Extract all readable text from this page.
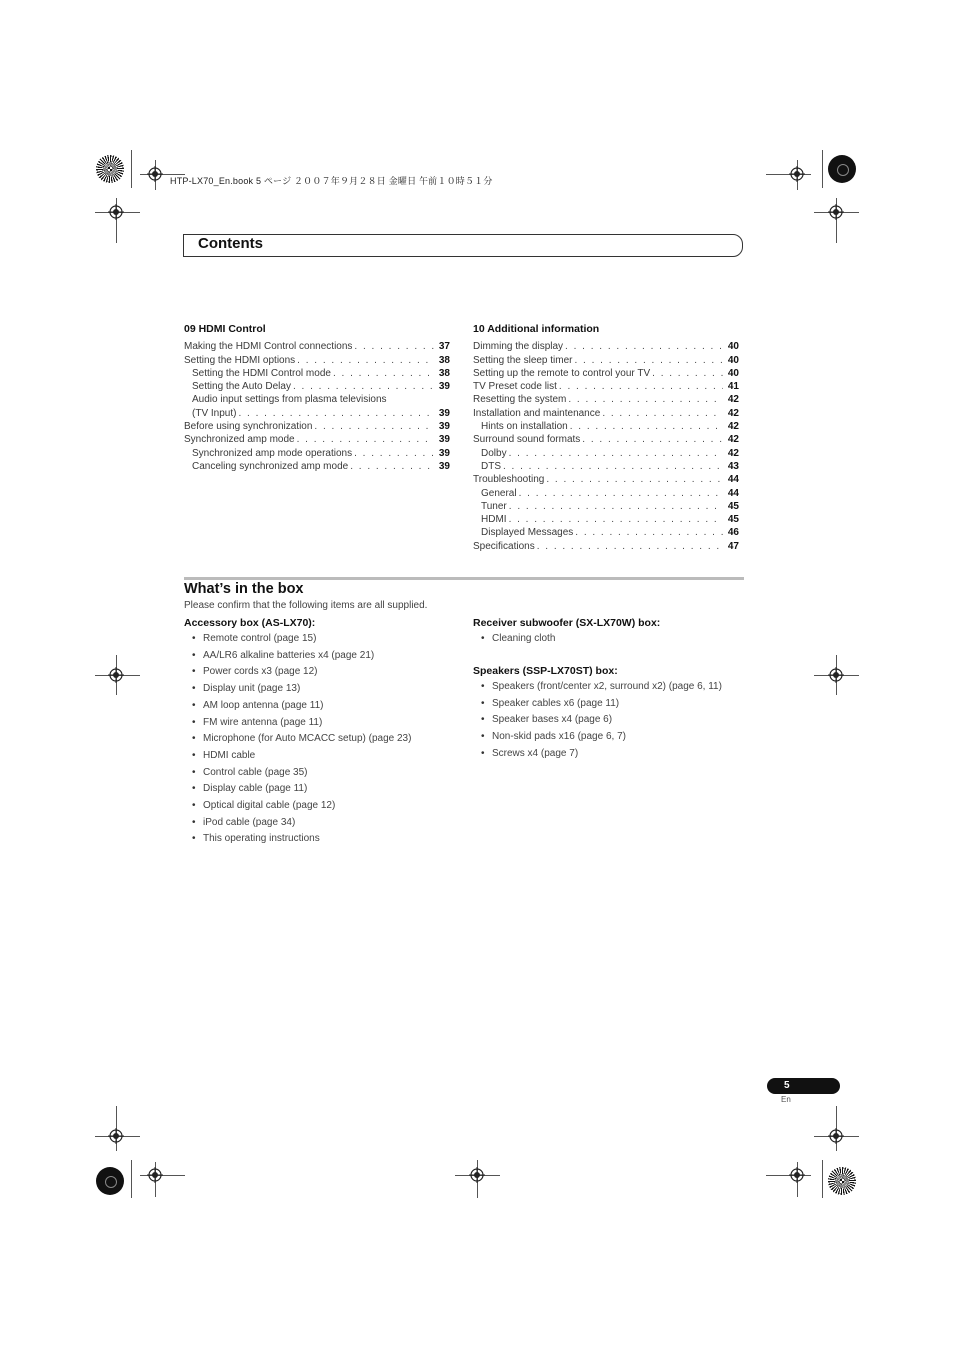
HTP-LX70_En.book 5 ページ ２００７年９月２８日 金曜日 午前１０時５１分
Contents
09 HDMI Control
Making the HDMI Control connections . . .	37
Setting the HDMI options . . .	38
Setting the HDMI Control mode . . .	38
Setting the Auto Delay . . .	39
Audio input settings from plasma televisions
(TV Input) . . .	39
Before using synchronization . . .	39
Synchronized amp mode . . .	39
Synchronized amp mode operations . . .	39
Canceling synchronized amp mode . . .	39
10 Additional information
Dimming the display . . .	40
Setting the sleep timer . . .	40
Setting up the remote to control your TV . . .	40
TV Preset code list . . .	41
Resetting the system . . .	42
Installation and maintenance . . .	42
Hints on installation . . .	42
Surround sound formats . . .	42
Dolby . . .	42
DTS . . .	43
Troubleshooting . . .	44
General . . .	44
Tuner . . .	45
HDMI . . .	45
Displayed Messages . . .	46
Specifications . . .	47
What’s in the box
Please confirm that the following items are all supplied.
Accessory box (AS-LX70):
• Remote control (page 15)
• AA/LR6 alkaline batteries x4 (page 21)
• Power cords x3 (page 12)
• Display unit (page 13)
• AM loop antenna (page 11)
• FM wire antenna (page 11)
• Microphone (for Auto MCACC setup) (page 23)
• HDMI cable
• Control cable (page 35)
• Display cable (page 11)
• Optical digital cable (page 12)
• iPod cable (page 34)
• This operating instructions
Receiver subwoofer (SX-LX70W) box:
• Cleaning cloth
Speakers (SSP-LX70ST) box:
• Speakers (front/center x2, surround x2) (page 6, 11)
• Speaker cables x6 (page 11)
• Speaker bases x4 (page 6)
• Non-skid pads x16 (page 6, 7)
• Screws x4 (page 7)
5
En
